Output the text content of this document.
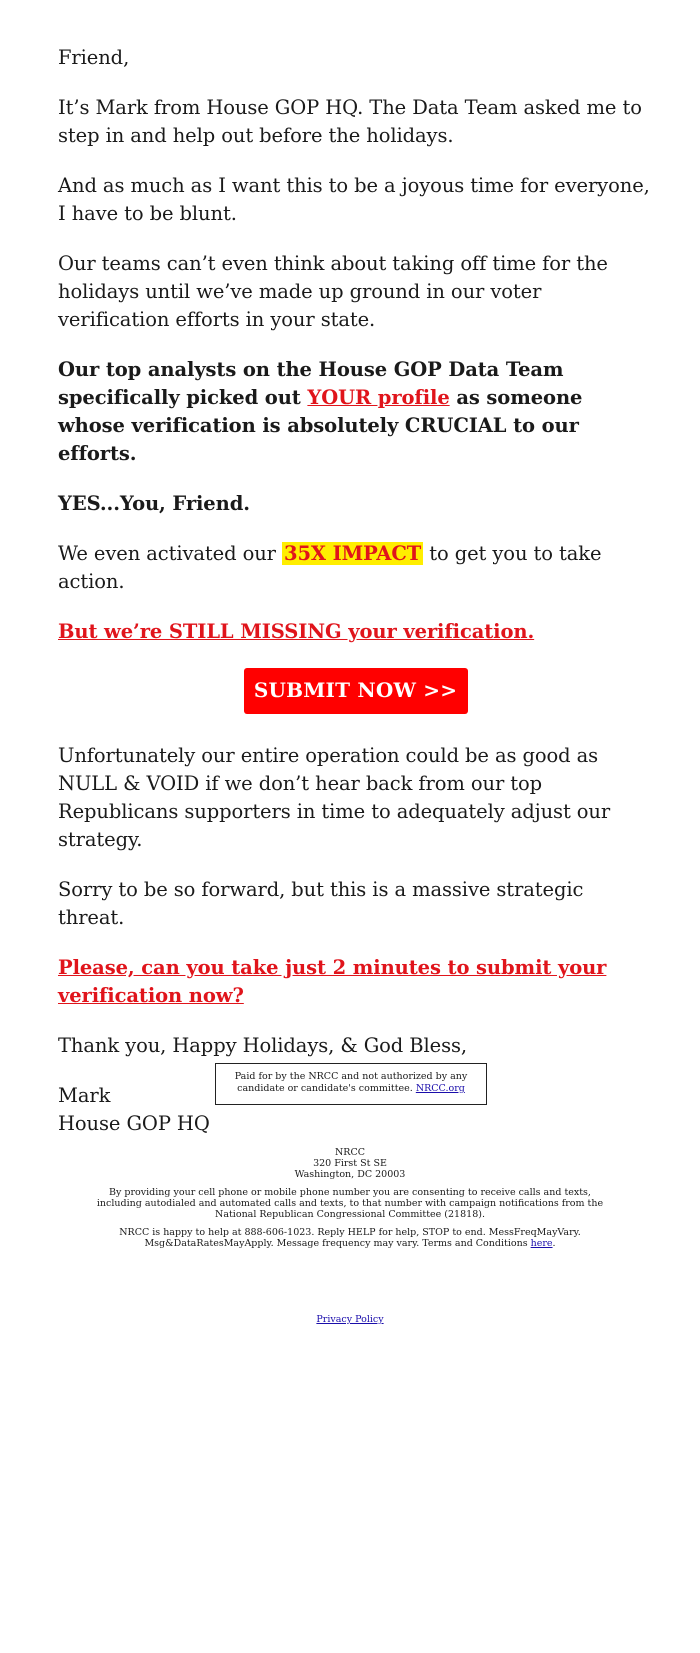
Friend,

It’s Mark from House GOP HQ. The Data Team asked me to step in and help out before the holidays.

And as much as I want this to be a joyous time for everyone, I have to be blunt.

Our teams can’t even think about taking off time for the holidays until we’ve made up ground in our voter verification efforts in your state.

Our top analysts on the House GOP Data Team specifically picked out YOUR profile as someone whose verification is absolutely CRUCIAL to our efforts.

YES...You, Friend.

We even activated our 35X IMPACT to get you to take action.

But we’re STILL MISSING your verification.

SUBMIT NOW >>

Unfortunately our entire operation could be as good as NULL & VOID if we don’t hear back from our top Republicans supporters in time to adequately adjust our strategy.

Sorry to be so forward, but this is a massive strategic threat.

Please, can you take just 2 minutes to submit your verification now?

Thank you, Happy Holidays, & God Bless,

Mark
House GOP HQ

Paid for by the NRCC and not authorized by any candidate or candidate's committee. NRCC.org
NRCC
320 First St SE
Washington, DC 20003
By providing your cell phone or mobile phone number you are consenting to receive calls and texts, including autodialed and automated calls and texts, to that number with campaign notifications from the National Republican Congressional Committee (21818).
NRCC is happy to help at 888-606-1023. Reply HELP for help, STOP to end. MessFreqMayVary. Msg&DataRatesMayApply. Message frequency may vary. Terms and Conditions here.
Privacy Policy
